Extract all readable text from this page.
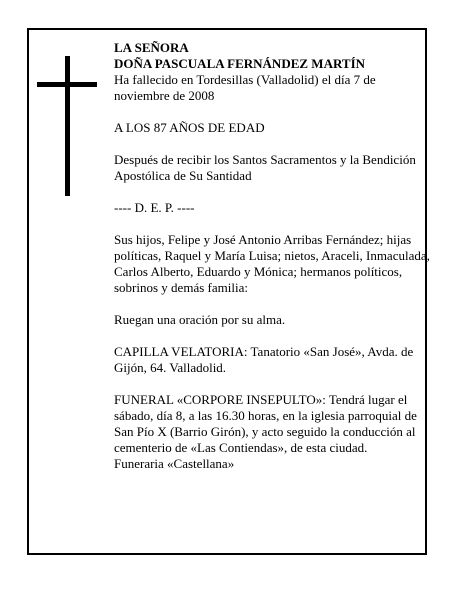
LA SEÑORA

DOÑA PASCUALA FERNÁNDEZ MARTÍN

Ha fallecido en Tordesillas (Valladolid) el día 7 de noviembre de 2008

A LOS 87 AÑOS DE EDAD

Después de recibir los Santos Sacramentos y la Bendición Apostólica de Su Santidad

---- D. E. P. ----

Sus hijos, Felipe y José Antonio Arribas Fernández; hijas políticas, Raquel y María Luisa; nietos, Araceli, Inmaculada, Carlos Alberto, Eduardo y Mónica; hermanos políticos, sobrinos y demás familia:

Ruegan una oración por su alma.

CAPILLA VELATORIA: Tanatorio «San José», Avda. de Gijón, 64. Valladolid.

FUNERAL «CORPORE INSEPULTO»: Tendrá lugar el sábado, día 8, a las 16.30 horas, en la iglesia parroquial de San Pío X (Barrio Girón), y acto seguido la conducción al cementerio de «Las Contiendas», de esta ciudad.

Funeraria «Castellana»
